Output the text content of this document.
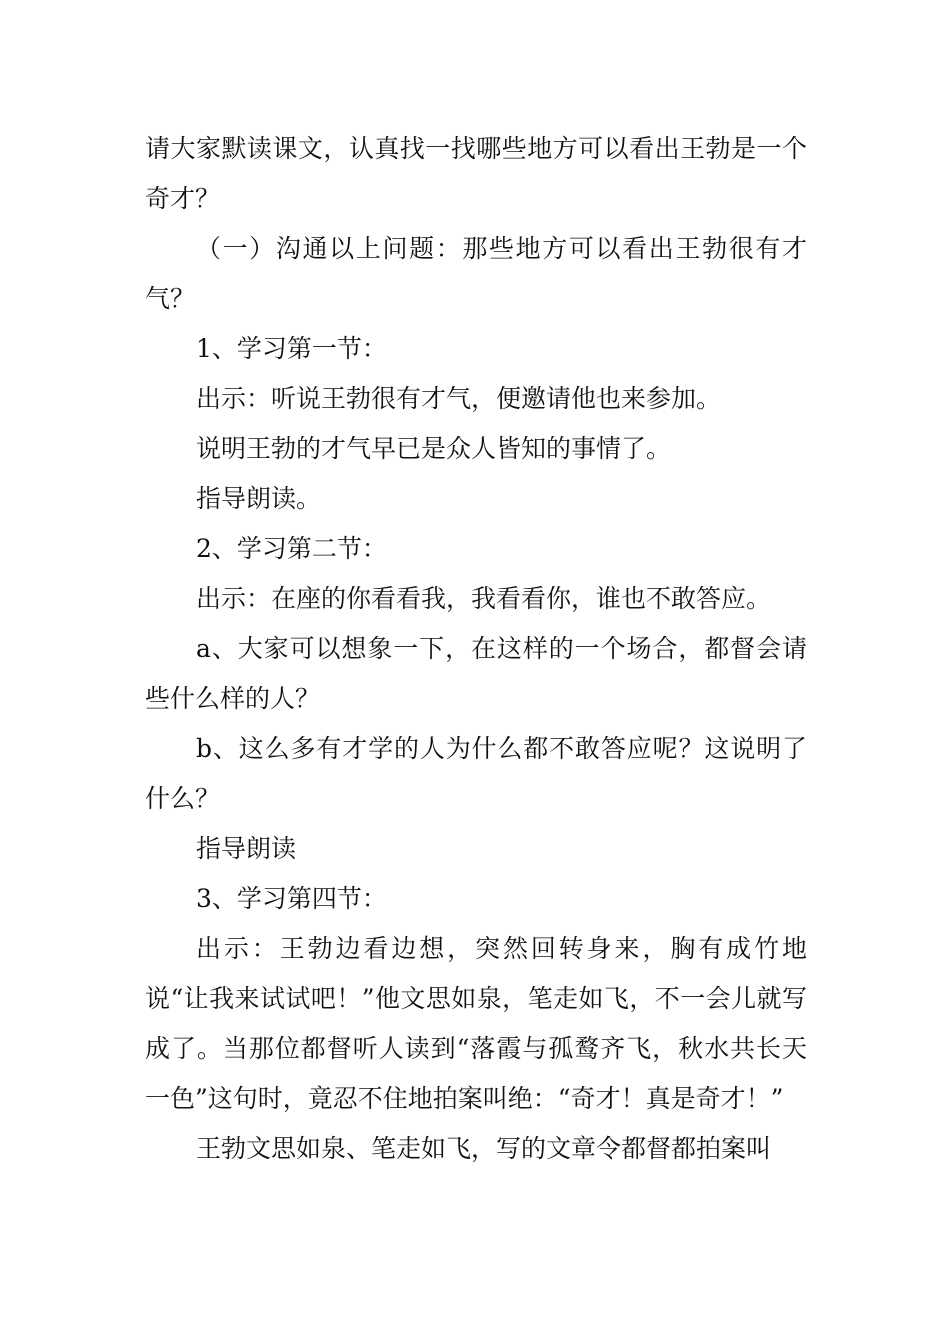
请大家默读课文，认真找一找哪些地方可以看出王勃是一个奇才？

（一）沟通以上问题：那些地方可以看出王勃很有才气？

1、学习第一节：

出示：听说王勃很有才气，便邀请他也来参加。

说明王勃的才气早已是众人皆知的事情了。

指导朗读。

2、学习第二节：

出示：在座的你看看我，我看看你，谁也不敢答应。

a、大家可以想象一下，在这样的一个场合，都督会请些什么样的人？

b、这么多有才学的人为什么都不敢答应呢？这说明了什么？

指导朗读

3、学习第四节：

出示：王勃边看边想，突然回转身来，胸有成竹地说“让我来试试吧！”他文思如泉，笔走如飞，不一会儿就写成了。当那位都督听人读到“落霞与孤鹜齐飞，秋水共长天一色”这句时，竟忍不住地拍案叫绝：“奇才！真是奇才！”

王勃文思如泉、笔走如飞，写的文章令都督都拍案叫
